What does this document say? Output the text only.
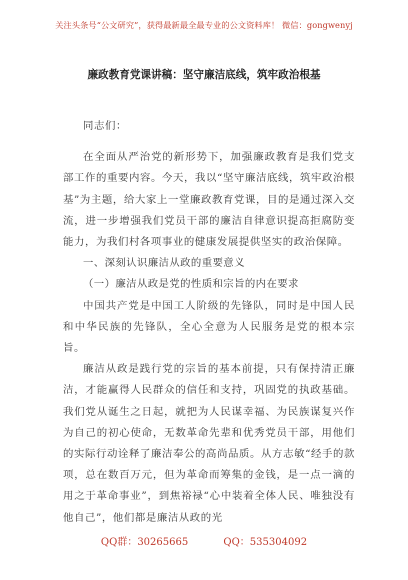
关注头条号“公文研究”，获得最新最全最专业的公文资料库！ 微信：gongwenyj
廉政教育党课讲稿：坚守廉洁底线，筑牢政治根基

同志们：

在全面从严治党的新形势下，加强廉政教育是我们党支部工作的重要内容。今天，我以“坚守廉洁底线，筑牢政治根基”为主题，给大家上一堂廉政教育党课，目的是通过深入交流，进一步增强我们党员干部的廉洁自律意识提高拒腐防变能力，为我们村各项事业的健康发展提供坚实的政治保障。

一、深刻认识廉洁从政的重要意义

（一）廉洁从政是党的性质和宗旨的内在要求

中国共产党是中国工人阶级的先锋队，同时是中国人民和中华民族的先锋队，全心全意为人民服务是党的根本宗旨。

廉洁从政是践行党的宗旨的基本前提，只有保持清正廉洁，才能赢得人民群众的信任和支持，巩固党的执政基础。我们党从诞生之日起，就把为人民谋幸福、为民族谋复兴作为自己的初心使命，无数革命先辈和优秀党员干部，用他们的实际行动诠释了廉洁奉公的高尚品质。从方志敏“经手的款项，总在数百万元，但为革命而筹集的金钱，是一点一滴的用之于革命事业”，到焦裕禄“心中装着全体人民、唯独没有他自己”，他们都是廉洁从政的光

QQ群：30265665	QQ：535304092
